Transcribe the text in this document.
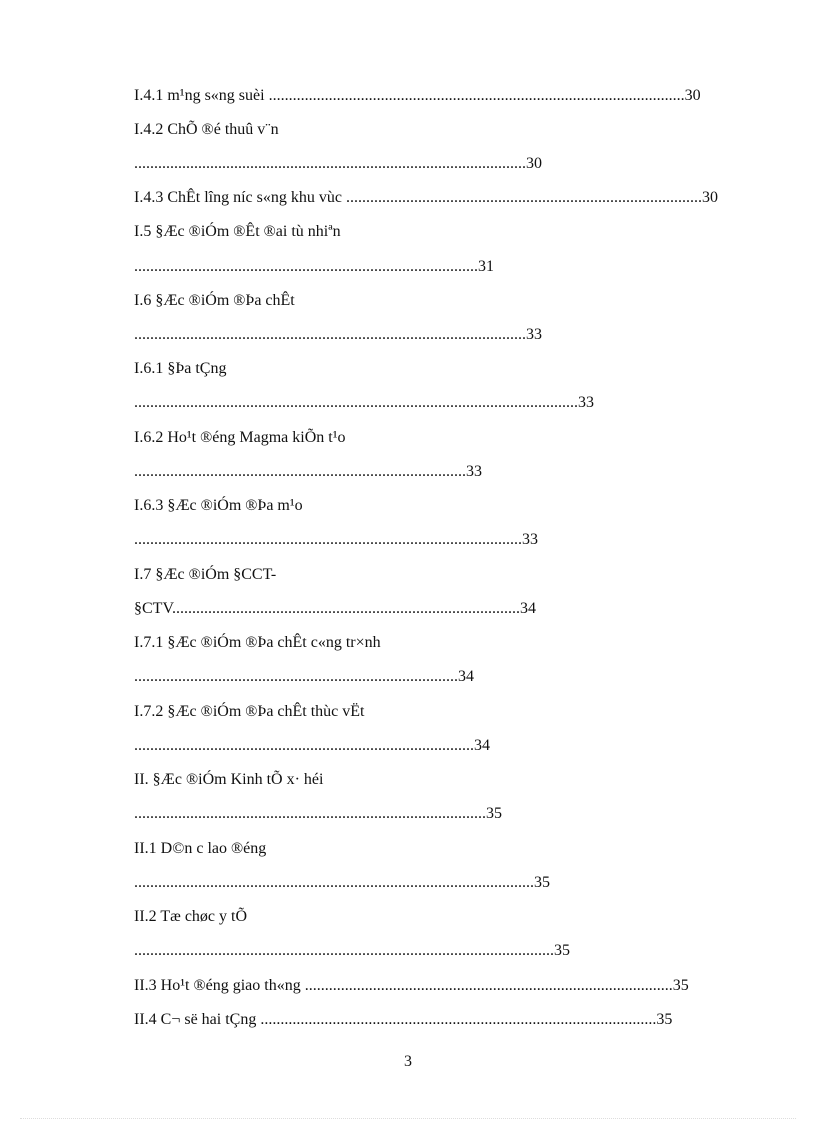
I.4.1 m¹ng s«ng suèi ........................................................................................................30
I.4.2 ChÕ ®é thuû v¨n
..................................................................................................30
I.4.3 ChÊt lîng níc s«ng khu vùc .........................................................................................30
I.5 §Æc ®iÓm ®Êt ®ai tù nhiªn
......................................................................................31
I.6 §Æc ®iÓm ®Þa chÊt
..................................................................................................33
I.6.1 §Þa tÇng
...............................................................................................................33
I.6.2 Ho¹t ®éng Magma kiÕn t¹o
...................................................................................33
I.6.3 §Æc ®iÓm ®Þa m¹o
.................................................................................................33
I.7 §Æc ®iÓm §CCT-
§CTV.......................................................................................34
I.7.1 §Æc ®iÓm ®Þa chÊt c«ng tr×nh
.................................................................................34
I.7.2 §Æc ®iÓm ®Þa chÊt thùc vËt
.....................................................................................34
II. §Æc ®iÓm Kinh tÕ x· héi
........................................................................................35
II.1 D©n c lao ®éng
....................................................................................................35
II.2 Tæ chøc y tÕ
.........................................................................................................35
II.3 Ho¹t ®éng giao th«ng ............................................................................................35
II.4 C¬ së hai tÇng ...................................................................................................35
3
